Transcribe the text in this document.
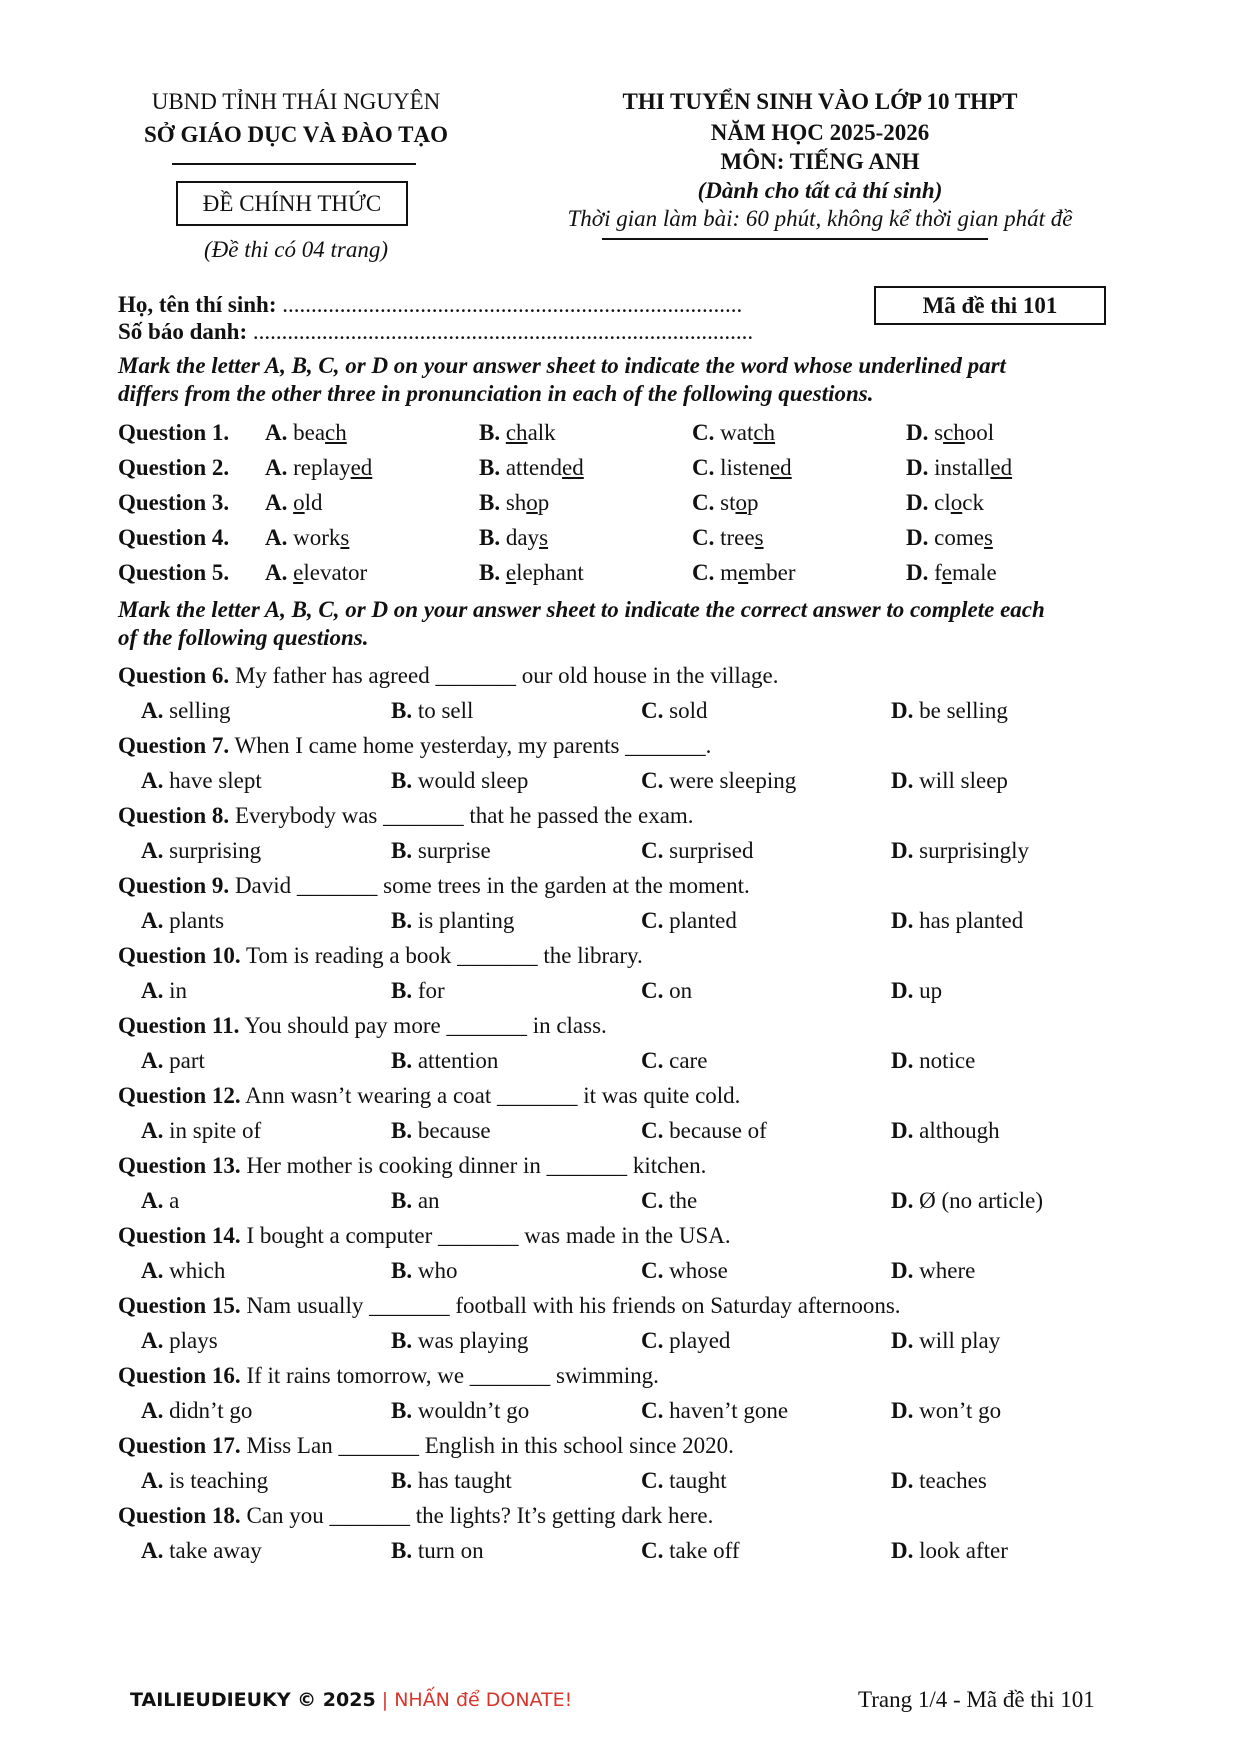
UBND TỈNH THÁI NGUYÊN
SỞ GIÁO DỤC VÀ ĐÀO TẠO
ĐỀ CHÍNH THỨC
(Đề thi có 04 trang)
THI TUYỂN SINH VÀO LỚP 10 THPT
NĂM HỌC 2025-2026
MÔN: TIẾNG ANH
(Dành cho tất cả thí sinh)
Thời gian làm bài: 60 phút, không kể thời gian phát đề
Họ, tên thí sinh: ................................................................................
Số báo danh: .......................................................................................
Mã đề thi 101
Mark the letter A, B, C, or D on your answer sheet to indicate the word whose underlined part
differs from the other three in pronunciation in each of the following questions.
Question 1. A. beach	B. chalk	C. watch	D. school
Question 2. A. replayed	B. attended	C. listened	D. installed
Question 3. A. old	B. shop	C. stop	D. clock
Question 4. A. works	B. days	C. trees	D. comes
Question 5. A. elevator	B. elephant	C. member	D. female
Mark the letter A, B, C, or D on your answer sheet to indicate the correct answer to complete each
of the following questions.
Question 6. My father has agreed _______ our old house in the village.
A. selling	B. to sell	C. sold	D. be selling
Question 7. When I came home yesterday, my parents _______.
A. have slept	B. would sleep	C. were sleeping	D. will sleep
Question 8. Everybody was _______ that he passed the exam.
A. surprising	B. surprise	C. surprised	D. surprisingly
Question 9. David _______ some trees in the garden at the moment.
A. plants	B. is planting	C. planted	D. has planted
Question 10. Tom is reading a book _______ the library.
A. in	B. for	C. on	D. up
Question 11. You should pay more _______ in class.
A. part	B. attention	C. care	D. notice
Question 12. Ann wasn’t wearing a coat _______ it was quite cold.
A. in spite of	B. because	C. because of	D. although
Question 13. Her mother is cooking dinner in _______ kitchen.
A. a	B. an	C. the	D. Ø (no article)
Question 14. I bought a computer _______ was made in the USA.
A. which	B. who	C. whose	D. where
Question 15. Nam usually _______ football with his friends on Saturday afternoons.
A. plays	B. was playing	C. played	D. will play
Question 16. If it rains tomorrow, we _______ swimming.
A. didn’t go	B. wouldn’t go	C. haven’t gone	D. won’t go
Question 17. Miss Lan _______ English in this school since 2020.
A. is teaching	B. has taught	C. taught	D. teaches
Question 18. Can you _______ the lights? It’s getting dark here.
A. take away	B. turn on	C. take off	D. look after
TAILIEUDIEUKY © 2025 | NHẤN để DONATE!	Trang 1/4 - Mã đề thi 101
